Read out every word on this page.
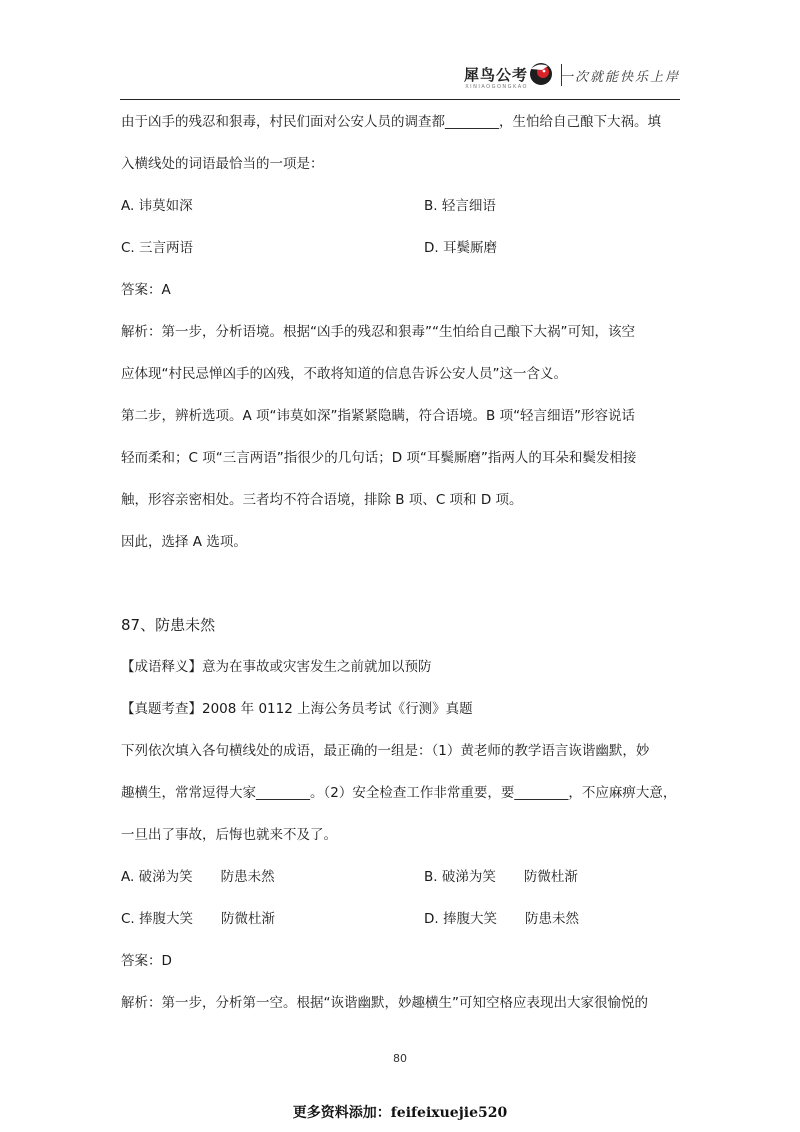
犀鸟公考
XINIAOGONGKAO
一次就能快乐上岸
由于凶手的残忍和狠毒，村民们面对公安人员的调查都________，生怕给自己酿下大祸。填
入横线处的词语最恰当的一项是：
A. 讳莫如深	B. 轻言细语
C. 三言两语	D. 耳鬓厮磨
答案：A
解析：第一步，分析语境。根据“凶手的残忍和狠毒”“生怕给自己酿下大祸”可知，该空
应体现“村民忌惮凶手的凶残，不敢将知道的信息告诉公安人员”这一含义。
第二步，辨析选项。A 项“讳莫如深”指紧紧隐瞒，符合语境。B 项“轻言细语”形容说话
轻而柔和；C 项“三言两语”指很少的几句话；D 项“耳鬓厮磨”指两人的耳朵和鬓发相接
触，形容亲密相处。三者均不符合语境，排除 B 项、C 项和 D 项。
因此，选择 A 选项。
87、防患未然
【成语释义】意为在事故或灾害发生之前就加以预防
【真题考查】2008 年 0112 上海公务员考试《行测》真题
下列依次填入各句横线处的成语，最正确的一组是：（1）黄老师的教学语言诙谐幽默，妙
趣横生，常常逗得大家________。（2）安全检查工作非常重要，要________，不应麻痹大意，
一旦出了事故，后悔也就来不及了。
A. 破涕为笑 防患未然	B. 破涕为笑 防微杜渐
C. 捧腹大笑 防微杜渐	D. 捧腹大笑 防患未然
答案：D
解析：第一步，分析第一空。根据“诙谐幽默，妙趣横生”可知空格应表现出大家很愉悦的
80
更多资料添加：feifeixuejie520
